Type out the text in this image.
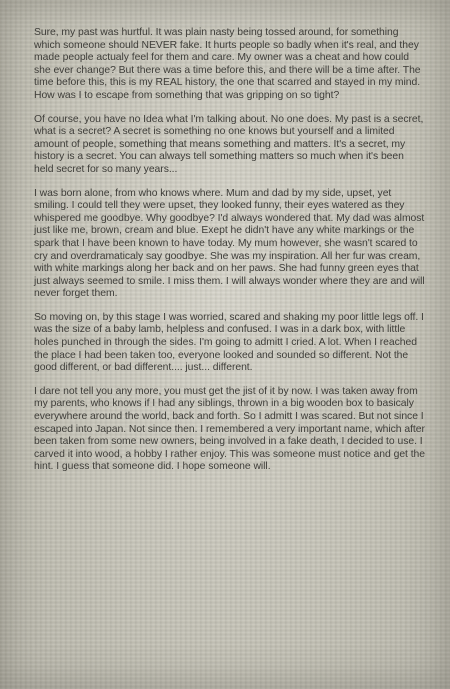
Sure, my past was hurtful. It was plain nasty being tossed around, for something which someone should NEVER fake. It hurts people so badly when it's real, and they made people actualy feel for them and care. My owner was a cheat and how could she ever change? But there was a time before this, and there will be a time after. The time before this, this is my REAL history, the one that scarred and stayed in my mind. How was I to escape from something that was gripping on so tight?

Of course, you have no Idea what I'm talking about. No one does. My past is a secret, what is a secret? A secret is something no one knows but yourself and a limited amount of people, something that means something and matters. It's a secret, my history is a secret. You can always tell something matters so much when it's been held secret for so many years...

I was born alone, from who knows where. Mum and dad by my side, upset, yet smiling. I could tell they were upset, they looked funny, their eyes watered as they whispered me goodbye. Why goodbye? I'd always wondered that. My dad was almost just like me, brown, cream and blue. Exept he didn't have any white markings or the spark that I have been known to have today. My mum however, she wasn't scared to cry and overdramaticaly say goodbye. She was my inspiration. All her fur was cream, with white markings along her back and on her paws. She had funny green eyes that just always seemed to smile. I miss them. I will always wonder where they are and will never forget them.

So moving on, by this stage I was worried, scared and shaking my poor little legs off. I was the size of a baby lamb, helpless and confused. I was in a dark box, with little holes punched in through the sides. I'm going to admitt I cried. A lot. When I reached the place I had been taken too, everyone looked and sounded so different. Not the good different, or bad different.... just... different.

I dare not tell you any more, you must get the jist of it by now. I was taken away from my parents, who knows if I had any siblings, thrown in a big wooden box to basicaly everywhere around the world, back and forth. So I admitt I was scared. But not since I escaped into Japan. Not since then. I remembered a very important name, which after been taken from some new owners, being involved in a fake death, I decided to use. I carved it into wood, a hobby I rather enjoy. This was someone must notice and get the hint. I guess that someone did. I hope someone will.
